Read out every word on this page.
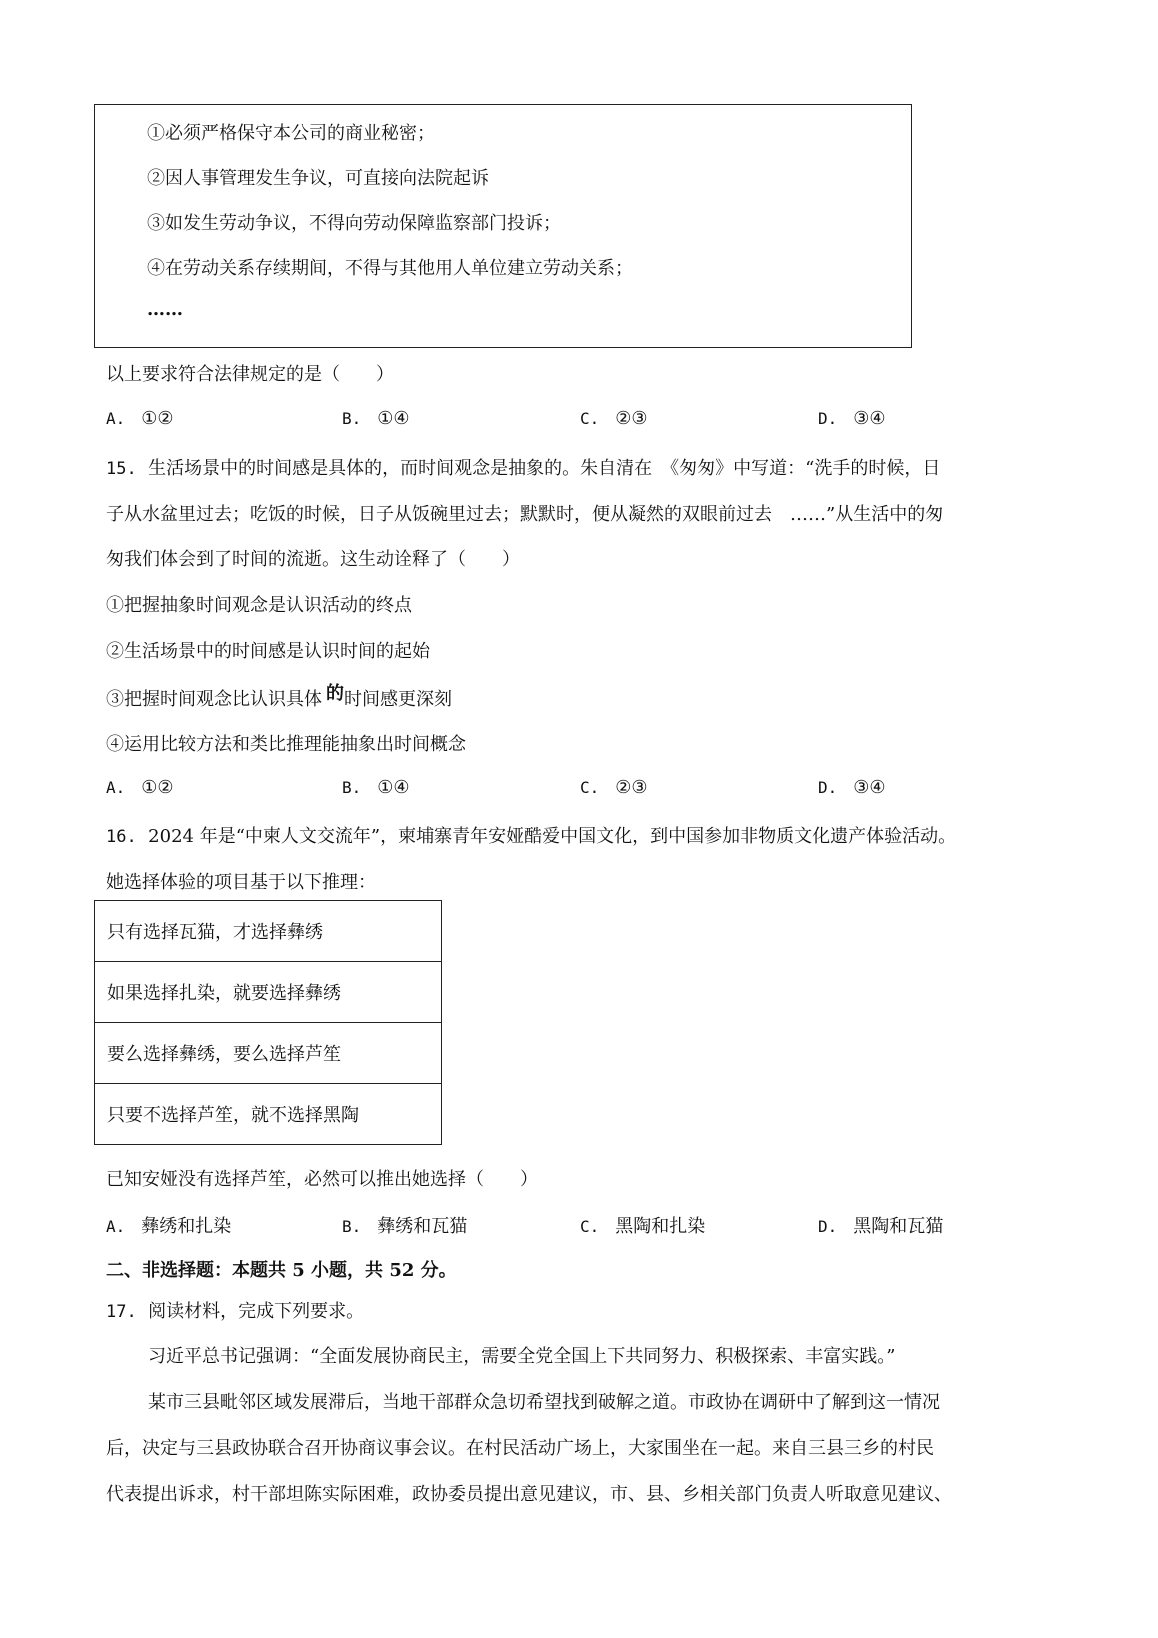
①必须严格保守本公司的商业秘密；
②因人事管理发生争议，可直接向法院起诉
③如发生劳动争议，不得向劳动保障监察部门投诉；
④在劳动关系存续期间，不得与其他用人单位建立劳动关系；
……
以上要求符合法律规定的是（　　）
A. ①②	B. ①④	C. ②③	D. ③④
15. 生活场景中的时间感是具体的，而时间观念是抽象的。朱自清在　《匆匆》中写道：“洗手的时候，日
子从水盆里过去；吃饭的时候，日子从饭碗里过去；默默时，便从凝然的双眼前过去　……”从生活中的匆
匆我们体会到了时间的流逝。这生动诠释了（　　）
①把握抽象时间观念是认识活动的终点
②生活场景中的时间感是认识时间的起始
③把握时间观念比认识具体 的时间感更深刻
④运用比较方法和类比推理能抽象出时间概念
A. ①②	B. ①④	C. ②③	D. ③④
16. 2024 年是“中柬人文交流年”，柬埔寨青年安娅酷爱中国文化，到中国参加非物质文化遗产体验活动。
她选择体验的项目基于以下推理：
只有选择瓦猫，才选择彝绣
如果选择扎染，就要选择彝绣
要么选择彝绣，要么选择芦笙
只要不选择芦笙，就不选择黑陶
已知安娅没有选择芦笙，必然可以推出她选择（　　）
A. 彝绣和扎染	B. 彝绣和瓦猫	C. 黑陶和扎染	D. 黑陶和瓦猫
二、非选择题：本题共 5 小题，共 52 分。
17. 阅读材料，完成下列要求。
习近平总书记强调：“全面发展协商民主，需要全党全国上下共同努力、积极探索、丰富实践。”
某市三县毗邻区域发展滞后，当地干部群众急切希望找到破解之道。市政协在调研中了解到这一情况
后，决定与三县政协联合召开协商议事会议。在村民活动广场上，大家围坐在一起。来自三县三乡的村民
代表提出诉求，村干部坦陈实际困难，政协委员提出意见建议，市、县、乡相关部门负责人听取意见建议、
